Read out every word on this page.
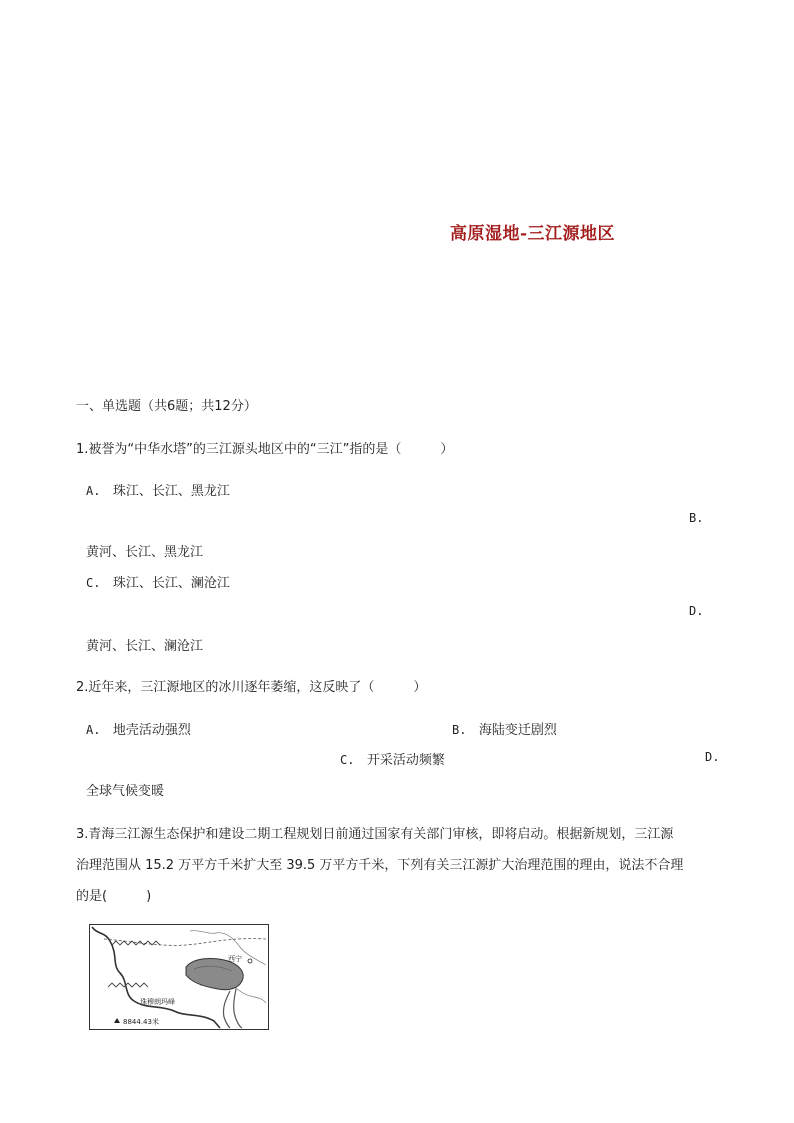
高原湿地-三江源地区
一、单选题（共6题；共12分）
1.被誉为“中华水塔”的三江源头地区中的“三江”指的是（　　　）
A. 珠江、长江、黑龙江
B.
黄河、长江、黑龙江
C. 珠江、长江、澜沧江
D.
黄河、长江、澜沧江
2.近年来，三江源地区的冰川逐年萎缩，这反映了（　　　）
A. 地壳活动强烈	B. 海陆变迁剧烈
C. 开采活动频繁	D.
全球气候变暖
3.青海三江源生态保护和建设二期工程规划日前通过国家有关部门审核，即将启动。根据新规划，三江源
治理范围从 15.2 万平方千米扩大至 39.5 万平方千米，下列有关三江源扩大治理范围的理由，说法不合理
的是(　　　)
西宁
珠穆朗玛峰
8844.43米
